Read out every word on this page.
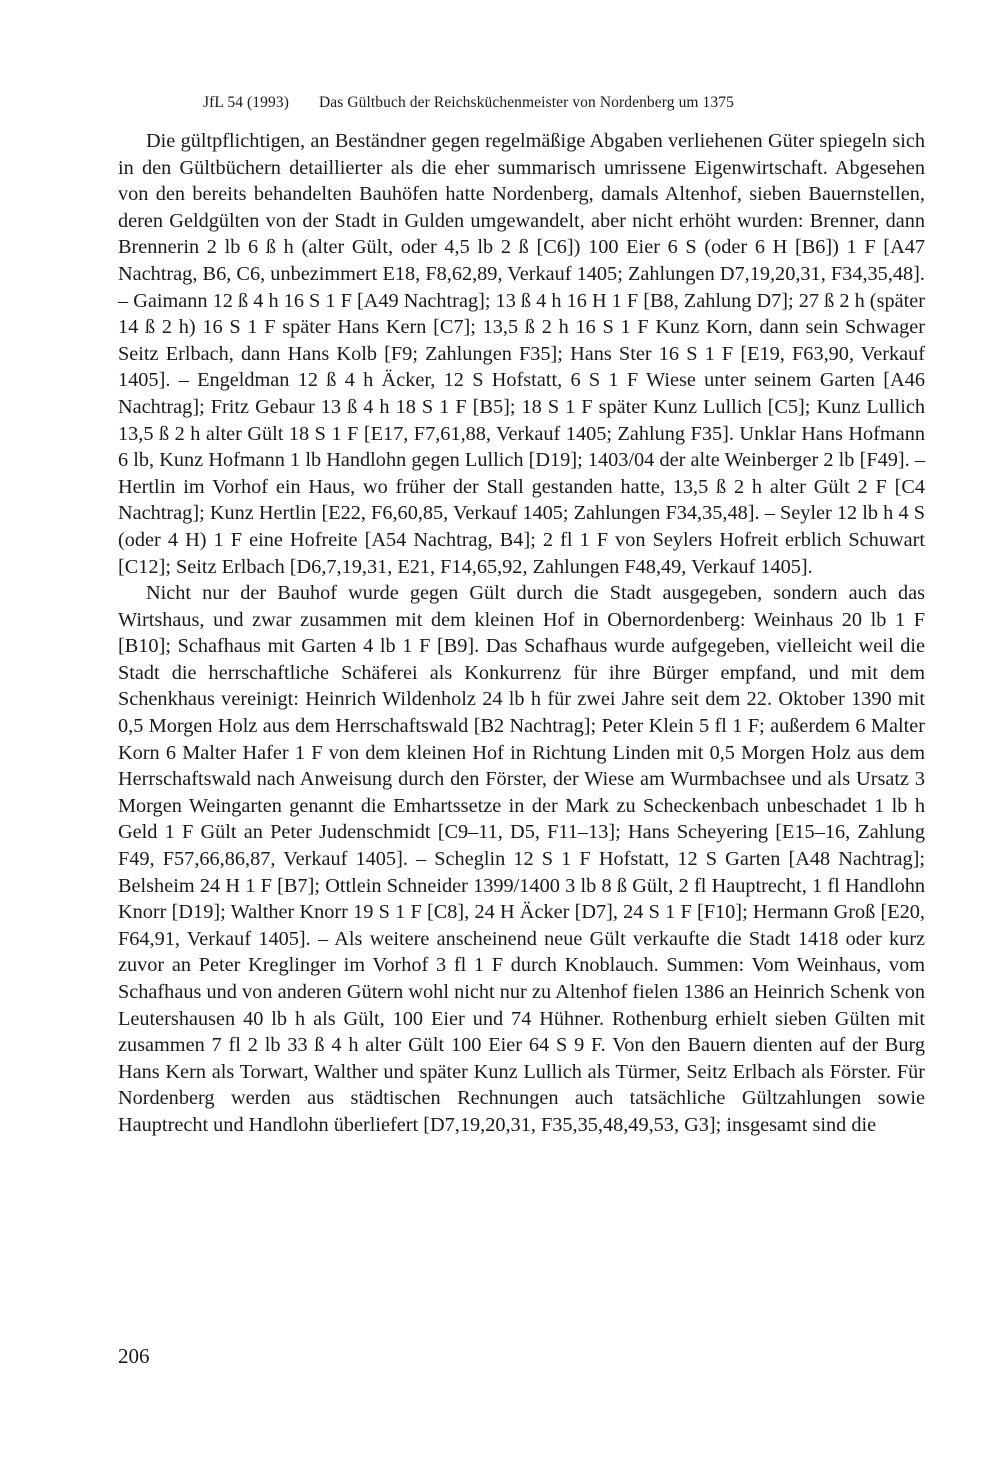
JfL 54 (1993) Das Gültbuch der Reichsküchenmeister von Nordenberg um 1375

Die gültpflichtigen, an Beständner gegen regelmäßige Abgaben verliehenen Güter spiegeln sich in den Gültbüchern detaillierter als die eher summarisch umrissene Eigenwirtschaft. Abgesehen von den bereits behandelten Bauhöfen hatte Nordenberg, damals Altenhof, sieben Bauernstellen, deren Geldgülten von der Stadt in Gulden umgewandelt, aber nicht erhöht wurden: Brenner, dann Brennerin 2 lb 6 ß h (alter Gült, oder 4,5 lb 2 ß [C6]) 100 Eier 6 S (oder 6 H [B6]) 1 F [A47 Nachtrag, B6, C6, unbezimmert E18, F8,62,89, Verkauf 1405; Zahlungen D7,19,20,31, F34,35,48]. – Gaimann 12 ß 4 h 16 S 1 F [A49 Nachtrag]; 13 ß 4 h 16 H 1 F [B8, Zahlung D7]; 27 ß 2 h (später 14 ß 2 h) 16 S 1 F später Hans Kern [C7]; 13,5 ß 2 h 16 S 1 F Kunz Korn, dann sein Schwager Seitz Erlbach, dann Hans Kolb [F9; Zahlungen F35]; Hans Ster 16 S 1 F [E19, F63,90, Verkauf 1405]. – Engeldman 12 ß 4 h Äcker, 12 S Hofstatt, 6 S 1 F Wiese unter seinem Garten [A46 Nachtrag]; Fritz Gebaur 13 ß 4 h 18 S 1 F [B5]; 18 S 1 F später Kunz Lullich [C5]; Kunz Lullich 13,5 ß 2 h alter Gült 18 S 1 F [E17, F7,61,88, Verkauf 1405; Zahlung F35]. Unklar Hans Hofmann 6 lb, Kunz Hofmann 1 lb Handlohn gegen Lullich [D19]; 1403/04 der alte Weinberger 2 lb [F49]. – Hertlin im Vorhof ein Haus, wo früher der Stall gestanden hatte, 13,5 ß 2 h alter Gült 2 F [C4 Nachtrag]; Kunz Hertlin [E22, F6,60,85, Verkauf 1405; Zahlungen F34,35,48]. – Seyler 12 lb h 4 S (oder 4 H) 1 F eine Hofreite [A54 Nachtrag, B4]; 2 fl 1 F von Seylers Hofreit erblich Schuwart [C12]; Seitz Erlbach [D6,7,19,31, E21, F14,65,92, Zahlungen F48,49, Verkauf 1405].

Nicht nur der Bauhof wurde gegen Gült durch die Stadt ausgegeben, sondern auch das Wirtshaus, und zwar zusammen mit dem kleinen Hof in Obernordenberg: Weinhaus 20 lb 1 F [B10]; Schafhaus mit Garten 4 lb 1 F [B9]. Das Schafhaus wurde aufgegeben, vielleicht weil die Stadt die herrschaftliche Schäferei als Konkurrenz für ihre Bürger empfand, und mit dem Schenkhaus vereinigt: Heinrich Wildenholz 24 lb h für zwei Jahre seit dem 22. Oktober 1390 mit 0,5 Morgen Holz aus dem Herrschaftswald [B2 Nachtrag]; Peter Klein 5 fl 1 F; außerdem 6 Malter Korn 6 Malter Hafer 1 F von dem kleinen Hof in Richtung Linden mit 0,5 Morgen Holz aus dem Herrschaftswald nach Anweisung durch den Förster, der Wiese am Wurmbachsee und als Ursatz 3 Morgen Weingarten genannt die Emhartssetze in der Mark zu Scheckenbach unbeschadet 1 lb h Geld 1 F Gült an Peter Judenschmidt [C9–11, D5, F11–13]; Hans Scheyering [E15–16, Zahlung F49, F57,66,86,87, Verkauf 1405]. – Scheglin 12 S 1 F Hofstatt, 12 S Garten [A48 Nachtrag]; Belsheim 24 H 1 F [B7]; Ottlein Schneider 1399/1400 3 lb 8 ß Gült, 2 fl Hauptrecht, 1 fl Handlohn Knorr [D19]; Walther Knorr 19 S 1 F [C8], 24 H Äcker [D7], 24 S 1 F [F10]; Hermann Groß [E20, F64,91, Verkauf 1405]. – Als weitere anscheinend neue Gült verkaufte die Stadt 1418 oder kurz zuvor an Peter Kreglinger im Vorhof 3 fl 1 F durch Knoblauch. Summen: Vom Weinhaus, vom Schafhaus und von anderen Gütern wohl nicht nur zu Altenhof fielen 1386 an Heinrich Schenk von Leutershausen 40 lb h als Gült, 100 Eier und 74 Hühner. Rothenburg erhielt sieben Gülten mit zusammen 7 fl 2 lb 33 ß 4 h alter Gült 100 Eier 64 S 9 F. Von den Bauern dienten auf der Burg Hans Kern als Torwart, Walther und später Kunz Lullich als Türmer, Seitz Erlbach als Förster. Für Nordenberg werden aus städtischen Rechnungen auch tatsächliche Gültzahlungen sowie Hauptrecht und Handlohn überliefert [D7,19,20,31, F35,35,48,49,53, G3]; insgesamt sind die

206
